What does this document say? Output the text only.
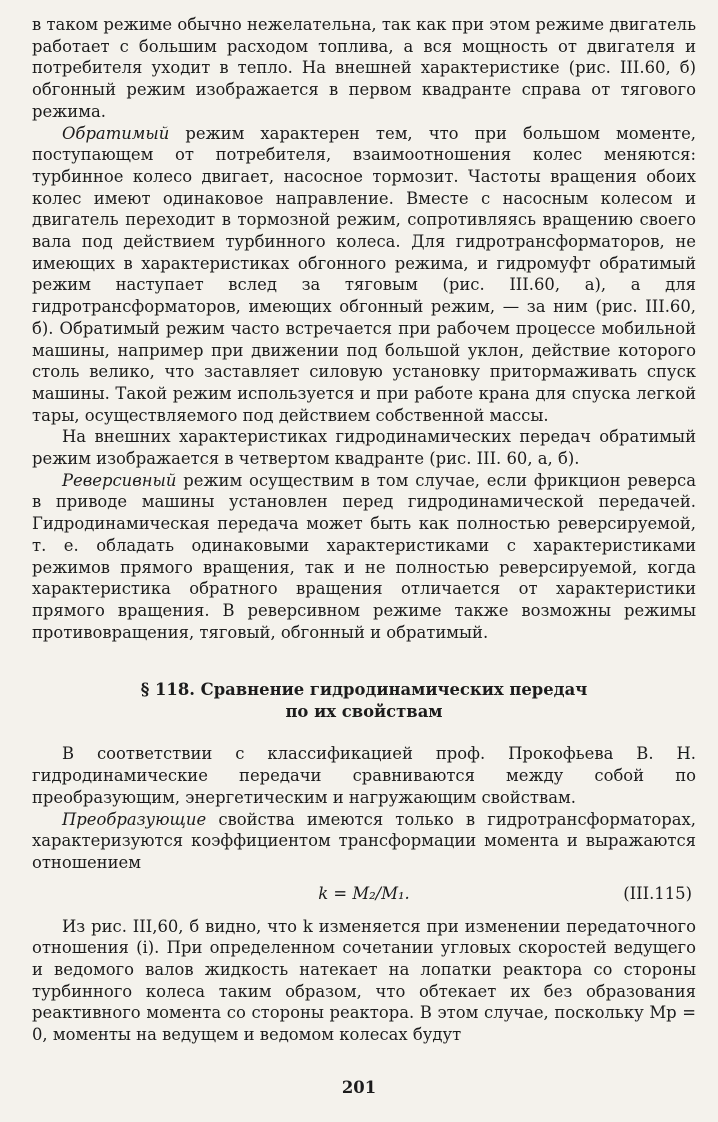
в таком режиме обычно нежелательна, так как при этом режиме двигатель работает с большим расходом топлива, а вся мощность от двигателя и потребителя уходит в тепло. На внешней характеристике (рис. III.60, б) обгонный режим изображается в первом квадранте справа от тягового режима.

Обратимый режим характерен тем, что при большом моменте, поступающем от потребителя, взаимоотношения колес меняются: турбинное колесо двигает, насосное тормозит. Частоты вращения обоих колес имеют одинаковое направление. Вместе с насосным колесом и двигатель переходит в тормозной режим, сопротивляясь вращению своего вала под действием турбинного колеса. Для гидротрансформаторов, не имеющих в характеристиках обгонного режима, и гидромуфт обратимый режим наступает вслед за тяговым (рис. III.60, а), а для гидротрансформаторов, имеющих обгонный режим, — за ним (рис. III.60, б). Обратимый режим часто встречается при рабочем процессе мобильной машины, например при движении под большой уклон, действие которого столь велико, что заставляет силовую установку притормаживать спуск машины. Такой режим используется и при работе крана для спуска легкой тары, осуществляемого под действием собственной массы.

На внешних характеристиках гидродинамических передач обратимый режим изображается в четвертом квадранте (рис. III. 60, а, б).

Реверсивный режим осуществим в том случае, если фрикцион реверса в приводе машины установлен перед гидродинамической передачей. Гидродинамическая передача может быть как полностью реверсируемой, т. е. обладать одинаковыми характеристиками с характеристиками режимов прямого вращения, так и не полностью реверсируемой, когда характеристика обратного вращения отличается от характеристики прямого вращения. В реверсивном режиме также возможны режимы противовращения, тяговый, обгонный и обратимый.

§ 118. Сравнение гидродинамических передач
по их свойствам

В соответствии с классификацией проф. Прокофьева В. Н. гидродинамические передачи сравниваются между собой по преобразующим, энергетическим и нагружающим свойствам.

Преобразующие свойства имеются только в гидротрансформаторах, характеризуются коэффициентом трансформации момента и выражаются отношением

k = M₂/M₁.	(III.115)

Из рис. III,60, б видно, что k изменяется при изменении передаточного отношения (i). При определенном сочетании угловых скоростей ведущего и ведомого валов жидкость натекает на лопатки реактора со стороны турбинного колеса таким образом, что обтекает их без образования реактивного момента со стороны реактора. В этом случае, поскольку Mр = 0, моменты на ведущем и ведомом колесах будут

201
